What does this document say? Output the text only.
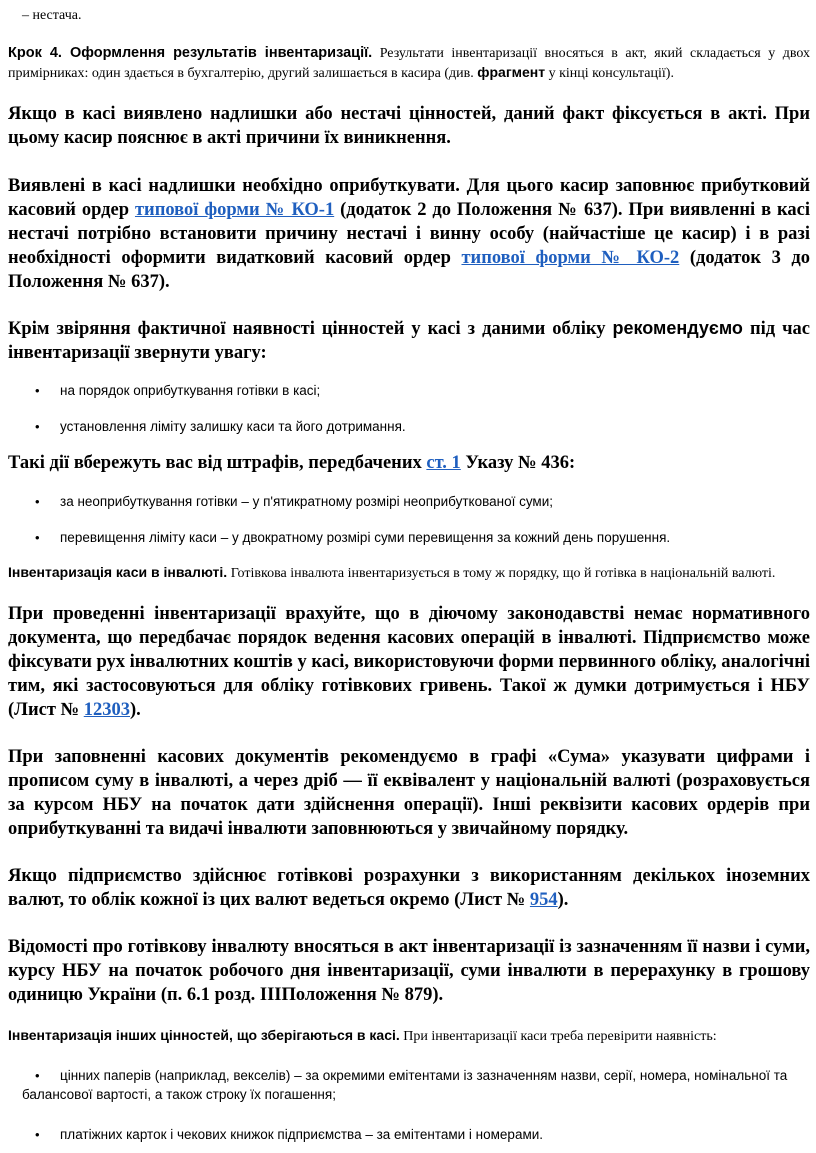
– нестача.

Крок 4. Оформлення результатів інвентаризації. Результати інвентаризації вносяться в акт, який складається у двох примірниках: один здається в бухгалтерію, другий залишається в касира (див. фрагмент у кінці консультації).

Якщо в касі виявлено надлишки або нестачі цінностей, даний факт фіксується в акті. При цьому касир пояснює в акті причини їх виникнення.

Виявлені в касі надлишки необхідно оприбуткувати. Для цього касир заповнює прибутковий касовий ордер типової форми № КО-1 (додаток 2 до Положення № 637). При виявленні в касі нестачі потрібно встановити причину нестачі і винну особу (найчастіше це касир) і в разі необхідності оформити видатковий касовий ордер типової форми № КО-2 (додаток 3 до Положення № 637).

Крім звіряння фактичної наявності цінностей у касі з даними обліку рекомендуємо під час інвентаризації звернути увагу:

• на порядок оприбуткування готівки в касі;
• установлення ліміту залишку каси та його дотримання.

Такі дії вбережуть вас від штрафів, передбачених ст. 1 Указу № 436:

• за неоприбуткування готівки – у п'ятикратному розмірі неоприбуткованої суми;
• перевищення ліміту каси – у двократному розмірі суми перевищення за кожний день порушення.

Інвентаризація каси в інвалюті. Готівкова інвалюта інвентаризується в тому ж порядку, що й готівка в національній валюті.

При проведенні інвентаризації врахуйте, що в діючому законодавстві немає нормативного документа, що передбачає порядок ведення касових операцій в інвалюті. Підприємство може фіксувати рух інвалютних коштів у касі, використовуючи форми первинного обліку, аналогічні тим, які застосовуються для обліку готівкових гривень. Такої ж думки дотримується і НБУ (Лист № 12303).

При заповненні касових документів рекомендуємо в графі «Сума» указувати цифрами і прописом суму в інвалюті, а через дріб — її еквівалент у національній валюті (розраховується за курсом НБУ на початок дати здійснення операції). Інші реквізити касових ордерів при оприбуткуванні та видачі інвалюти заповнюються у звичайному порядку.

Якщо підприємство здійснює готівкові розрахунки з використанням декількох іноземних валют, то облік кожної із цих валют ведеться окремо (Лист № 954).

Відомості про готівкову інвалюту вносяться в акт інвентаризації із зазначенням її назви і суми, курсу НБУ на початок робочого дня інвентаризації, суми інвалюти в перерахунку в грошову одиницю України (п. 6.1 розд. ІІІПоложення № 879).

Інвентаризація інших цінностей, що зберігаються в касі. При інвентаризації каси треба перевірити наявність:

•	цінних паперів (наприклад, векселів) – за окремими емітентами із зазначенням назви, серії, номера, номінальної та балансової вартості, а також строку їх погашення;
• платіжних карток і чекових книжок підприємства – за емітентами і номерами.
